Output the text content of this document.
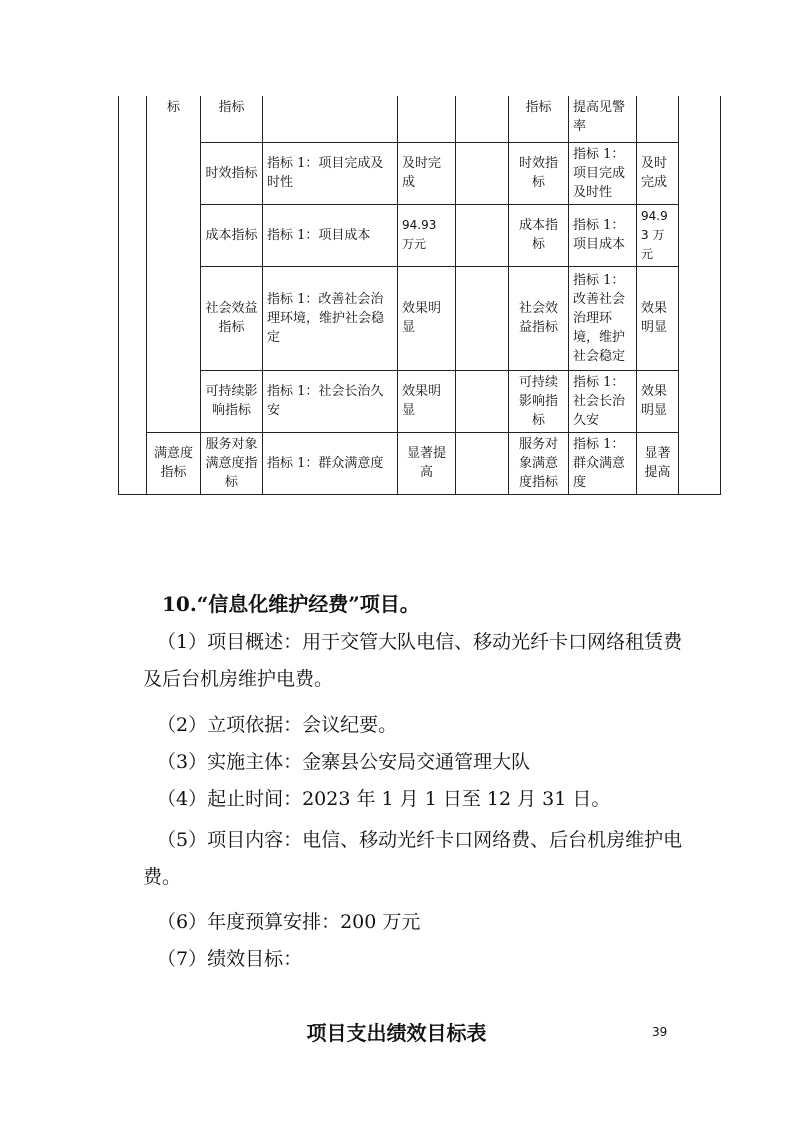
	标	指标				指标	提高见警率		
		时效指标	指标 1：项目完成及时性	及时完成		时效指标	指标 1：项目完成及时性	及时完成	
		成本指标	指标 1：项目成本	94.93 万元		成本指标	指标 1：项目成本	94.93 万元	
		社会效益指标	指标 1：改善社会治理环境，维护社会稳定	效果明显		社会效益指标	指标 1：改善社会治理环境，维护社会稳定	效果明显	
		可持续影响指标	指标 1：社会长治久安	效果明显		可持续影响指标	指标 1：社会长治久安	效果明显	
	满意度指标	服务对象满意度指标	指标 1：群众满意度	显著提高		服务对象满意度指标	指标 1：群众满意度	显著提高	
10.“信息化维护经费”项目。
（1）项目概述：用于交管大队电信、移动光纤卡口网络租赁费及后台机房维护电费。
（2）立项依据：会议纪要。
（3）实施主体：金寨县公安局交通管理大队
（4）起止时间：2023 年 1 月 1 日至 12 月 31 日。
（5）项目内容：电信、移动光纤卡口网络费、后台机房维护电费。
（6）年度预算安排：200 万元
（7）绩效目标：
项目支出绩效目标表	39
